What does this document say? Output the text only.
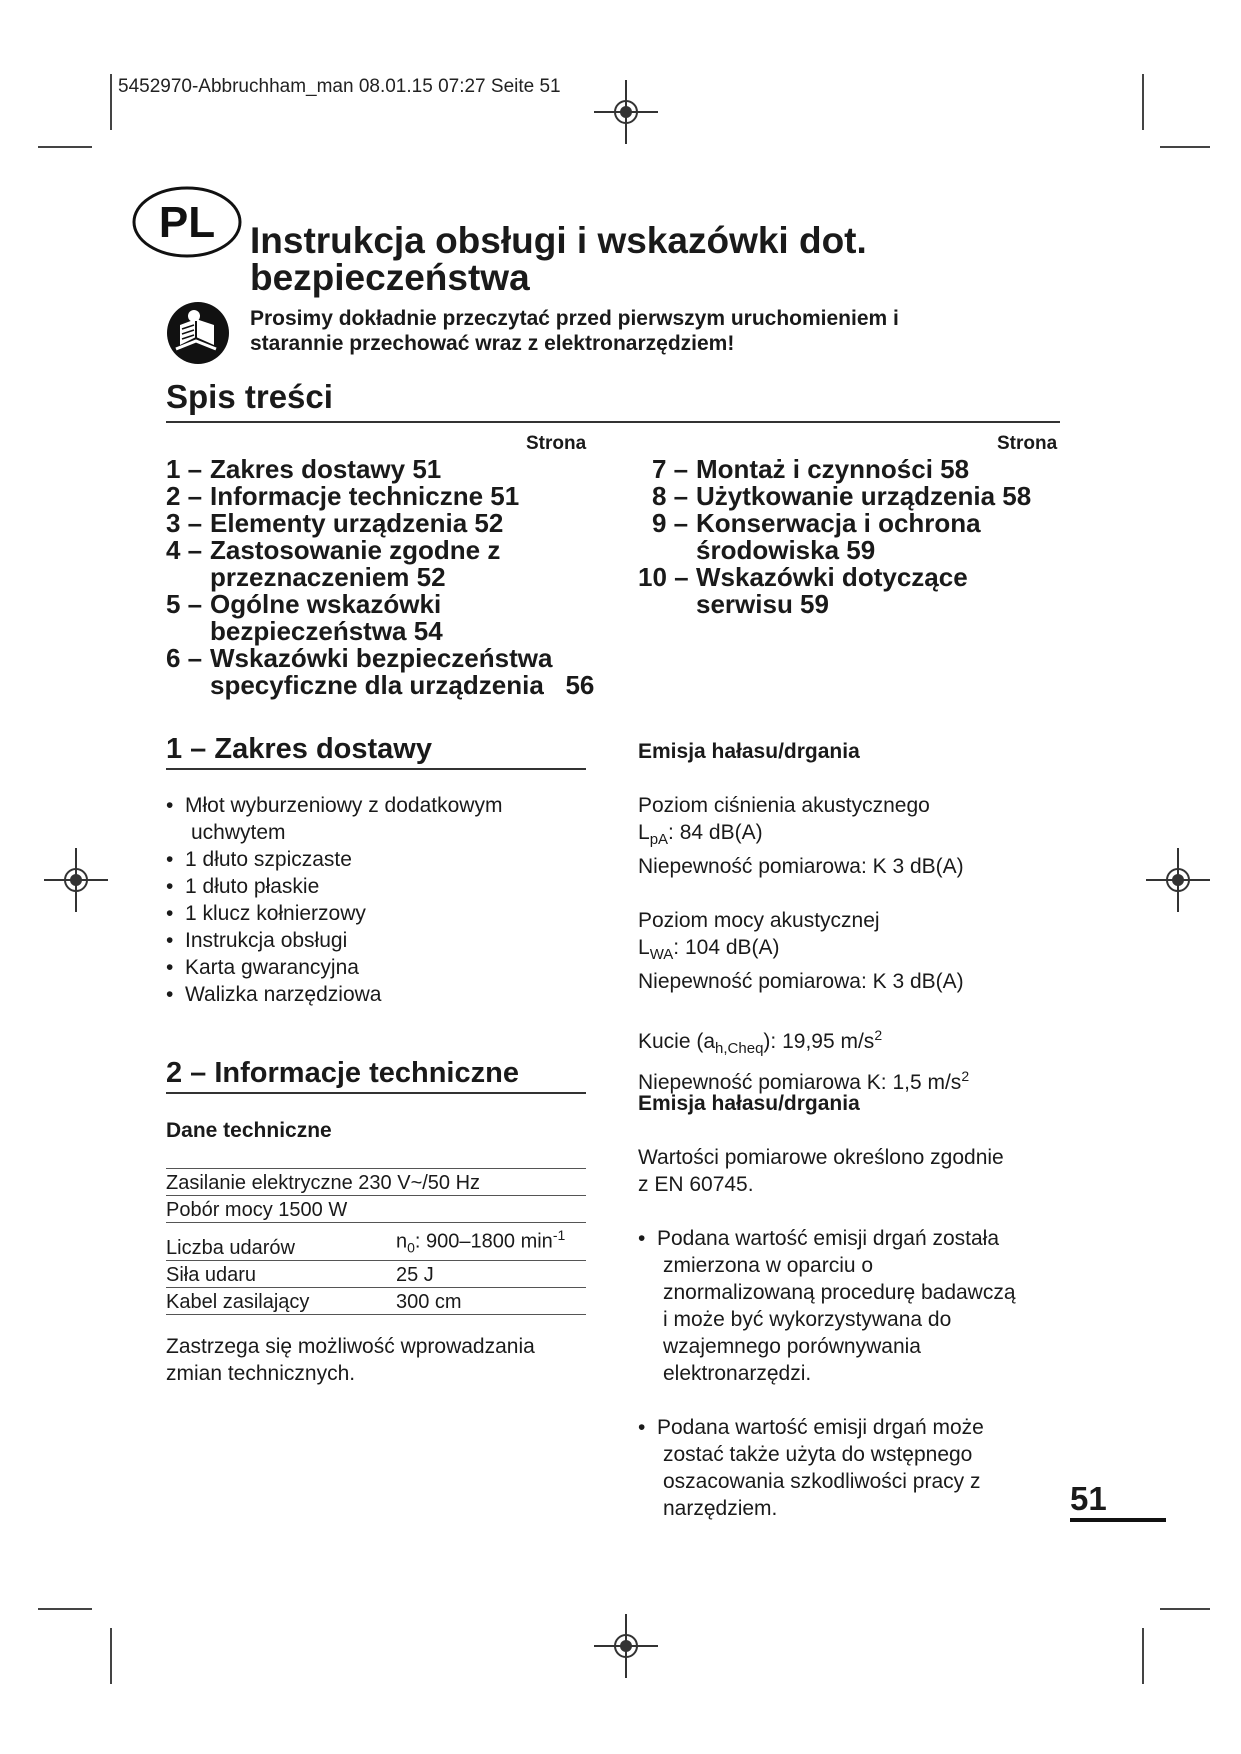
5452970-Abbruchham_man 08.01.15 07:27 Seite 51
PL Instrukcja obsługi i wskazówki dot.
bezpieczeństwa
Prosimy dokładnie przeczytać przed pierwszym uruchomieniem i
starannie przechować wraz z elektronarzędziem!
Spis treści
Strona	Strona
1 – Zakres dostawy 51
2 – Informacje techniczne 51
3 – Elementy urządzenia 52
4 – Zastosowanie zgodne z
przeznaczeniem 52
5 – Ogólne wskazówki
bezpieczeństwa 54
6 – Wskazówki bezpieczeństwa
specyficzne dla urządzenia   56
7 – Montaż i czynności 58
8 – Użytkowanie urządzenia 58
9 – Konserwacja i ochrona
środowiska 59
10 – Wskazówki dotyczące
serwisu 59
1 – Zakres dostawy
• Młot wyburzeniowy z dodatkowym
uchwytem
• 1 dłuto szpiczaste
• 1 dłuto płaskie
• 1 klucz kołnierzowy
• Instrukcja obsługi
• Karta gwarancyjna
• Walizka narzędziowa
2 – Informacje techniczne
Dane techniczne
Zasilanie elektryczne 230 V~/50 Hz	
Pobór mocy 1500 W	
Liczba udarów	$n_0$: 900–1800 $\min^{-1}$
Siła udaru	25 J
Kabel zasilający	300 cm
Zastrzega się możliwość wprowadzania
zmian technicznych.
Emisja hałasu/drgania
Poziom ciśnienia akustycznego
$L_{pA}$: 84 dB(A)
Niepewność pomiarowa: K 3 dB(A)

Poziom mocy akustycznej
$L_{WA}$: 104 dB(A)
Niepewność pomiarowa: K 3 dB(A)

Kucie $(a_{h,Cheq})$: 19,95 $m/s^2$
Niepewność pomiarowa K: 1,5 $m/s^2$
Emisja hałasu/drgania
Wartości pomiarowe określono zgodnie
z EN 60745.
• Podana wartość emisji drgań została
zmierzona w oparciu o
znormalizowaną procedurę badawczą
i może być wykorzystywana do
wzajemnego porównywania
elektronarzędzi.
• Podana wartość emisji drgań może
zostać także użyta do wstępnego
oszacowania szkodliwości pracy z
narzędziem.	51
